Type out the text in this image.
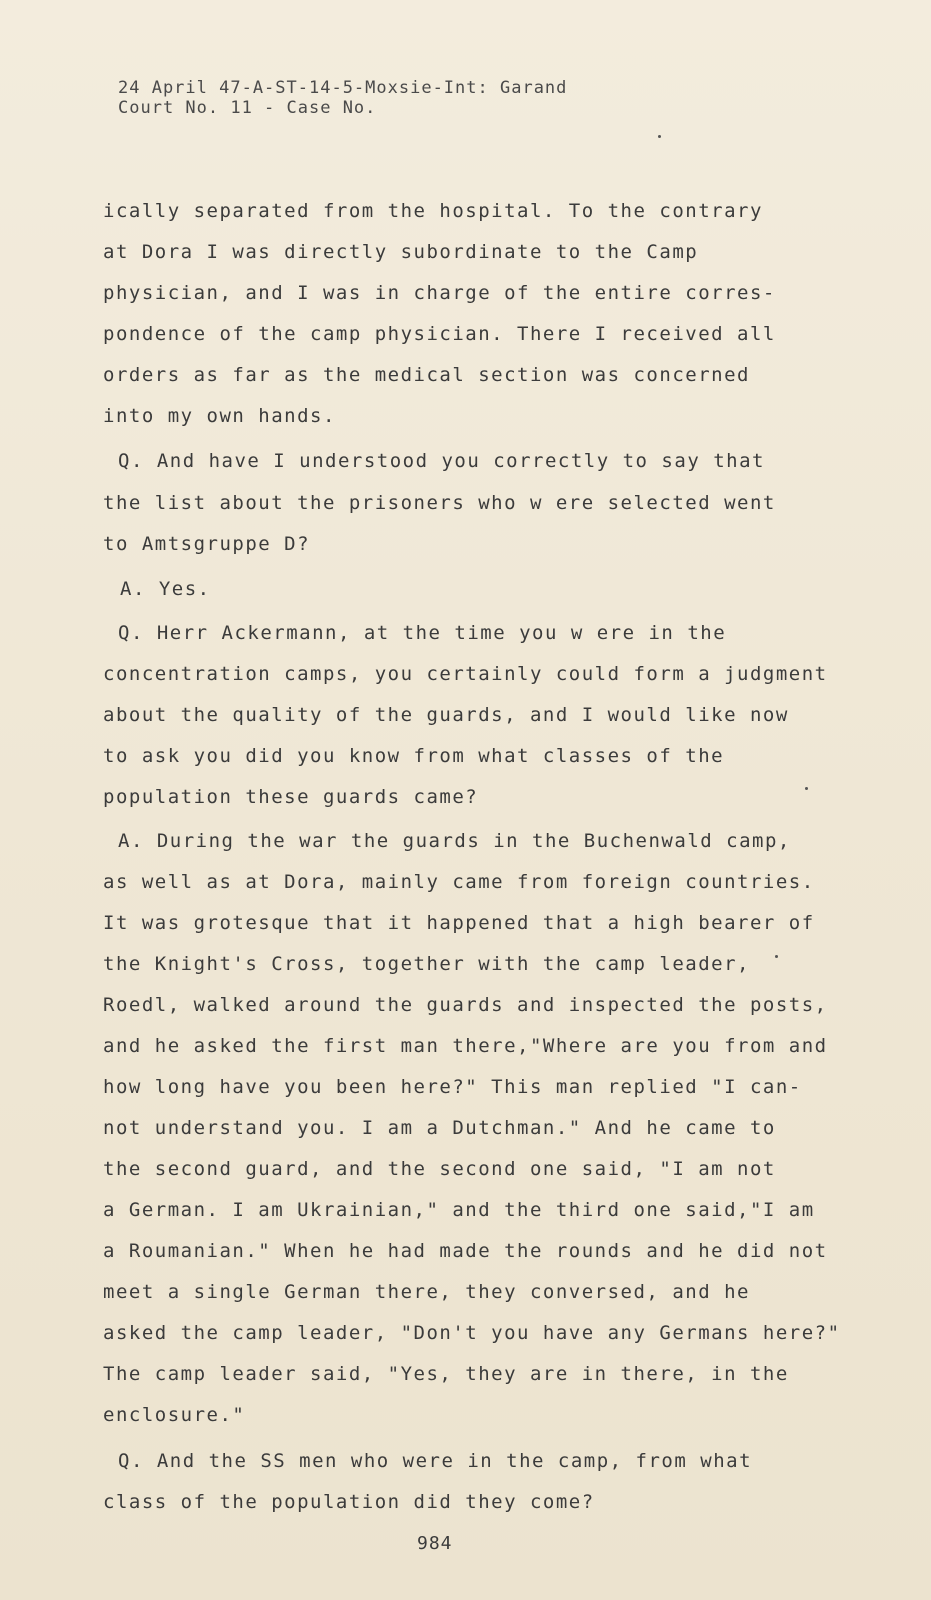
24 April 47-A-ST-14-5-Moxsie-Int: Garand
Court No. 11 - Case No.
ically separated from the hospital. To the contrary
at Dora I was directly subordinate to the Camp
physician, and I was in charge of the entire corres-
pondence of the camp physician. There I received all
orders as far as the medical section was concerned
into my own hands.
Q. And have I understood you correctly to say that
the list about the prisoners who w ere selected went
to Amtsgruppe D?
A. Yes.
Q. Herr Ackermann, at the time you w ere in the
concentration camps, you certainly could form a judgment
about the quality of the guards, and I would like now
to ask you did you know from what classes of the
population these guards came?
A. During the war the guards in the Buchenwald camp,
as well as at Dora, mainly came from foreign countries.
It was grotesque that it happened that a high bearer of
the Knight's Cross, together with the camp leader,
Roedl, walked around the guards and inspected the posts,
and he asked the first man there,"Where are you from and
how long have you been here?" This man replied "I can-
not understand you. I am a Dutchman." And he came to
the second guard, and the second one said, "I am not
a German. I am Ukrainian," and the third one said,"I am
a Roumanian." When he had made the rounds and he did not
meet a single German there, they conversed, and he
asked the camp leader, "Don't you have any Germans here?"
The camp leader said, "Yes, they are in there, in the
enclosure."
Q. And the SS men who were in the camp, from what
class of the population did they come?
984
